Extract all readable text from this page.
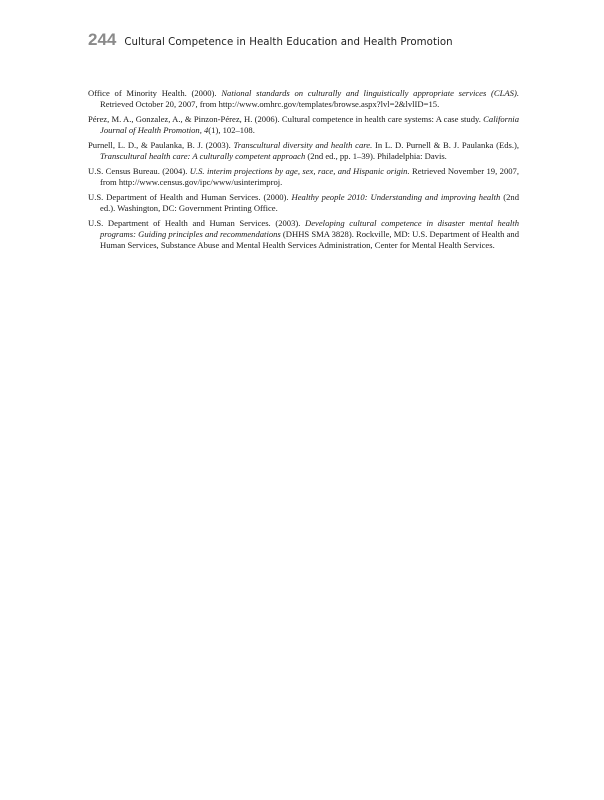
244 Cultural Competence in Health Education and Health Promotion
Office of Minority Health. (2000). National standards on culturally and linguistically appropriate services (CLAS). Retrieved October 20, 2007, from http://www.omhrc.gov/templates/browse.aspx?lvl=2&lvlID=15.
Pérez, M. A., Gonzalez, A., & Pinzon-Pérez, H. (2006). Cultural competence in health care systems: A case study. California Journal of Health Promotion, 4(1), 102–108.
Purnell, L. D., & Paulanka, B. J. (2003). Transcultural diversity and health care. In L. D. Purnell & B. J. Paulanka (Eds.), Transcultural health care: A culturally competent approach (2nd ed., pp. 1–39). Philadelphia: Davis.
U.S. Census Bureau. (2004). U.S. interim projections by age, sex, race, and Hispanic origin. Retrieved November 19, 2007, from http://www.census.gov/ipc/www/usinterimproj.
U.S. Department of Health and Human Services. (2000). Healthy people 2010: Understanding and improving health (2nd ed.). Washington, DC: Government Printing Office.
U.S. Department of Health and Human Services. (2003). Developing cultural competence in disaster mental health programs: Guiding principles and recommendations (DHHS SMA 3828). Rockville, MD: U.S. Department of Health and Human Services, Substance Abuse and Mental Health Services Administration, Center for Mental Health Services.
